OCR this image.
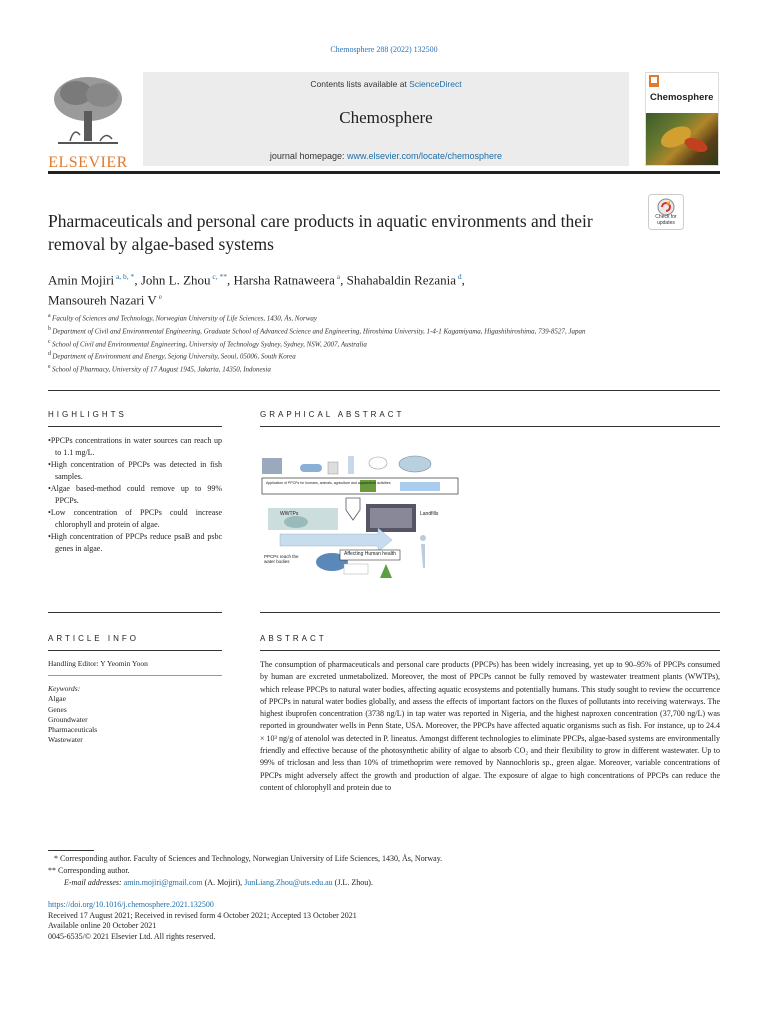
Chemosphere 288 (2022) 132500
ELSEVIER
Contents lists available at ScienceDirect
Chemosphere
journal homepage: www.elsevier.com/locate/chemosphere
Chemosphere
Pharmaceuticals and personal care products in aquatic environments and their removal by algae-based systems
Check for updates
Amin Mojiri $^{a, b, *}$, John L. Zhou $^{c, **}$, Harsha Ratnaweera $^a$, Shahabaldin Rezania $^d$,
Mansoureh Nazari V $^e$
$^a$ Faculty of Sciences and Technology, Norwegian University of Life Sciences, 1430, Ås, Norway
$^b$ Department of Civil and Environmental Engineering, Graduate School of Advanced Science and Engineering, Hiroshima University, 1-4-1 Kagamiyama, Higashihiroshima, 739-8527, Japan
$^c$ School of Civil and Environmental Engineering, University of Technology Sydney, Sydney, NSW, 2007, Australia
$^d$ Department of Environment and Energy, Sejong University, Seoul, 05006, South Korea
$^e$ School of Pharmacy, University of 17 August 1945, Jakarta, 14350, Indonesia
HIGHLIGHTS
• PPCPs concentrations in water sources can reach up to 1.1 mg/L.
• High concentration of PPCPs was detected in fish samples.
• Algae based-method could remove up to 99% PPCPs.
• Low concentration of PPCPs could increase chlorophyll and protein of algae.
• High concentration of PPCPs reduce psaB and psbc genes in algae.
GRAPHICAL ABSTRACT
Application of PPCPs for humans, animals, agriculture and aquaculture activities
WWTPs	Landfills
PPCPs reach the water bodies
Affecting Human health
ARTICLE INFO
Handling Editor: Y Yeomin Yoon
Keywords:
Algae
Genes
Groundwater
Pharmaceuticals
Wastewater
ABSTRACT
The consumption of pharmaceuticals and personal care products (PPCPs) has been widely increasing, yet up to 90–95% of PPCPs consumed by human are excreted unmetabolized. Moreover, the most of PPCPs cannot be fully removed by wastewater treatment plants (WWTPs), which release PPCPs to natural water bodies, affecting aquatic ecosystems and potentially humans. This study sought to review the occurrence of PPCPs in natural water bodies globally, and assess the effects of important factors on the fluxes of pollutants into receiving waterways. The highest ibuprofen concentration (3738 ng/L) in tap water was reported in Nigeria, and the highest naproxen concentration (37,700 ng/L) was reported in groundwater wells in Penn State, USA. Moreover, the PPCPs have affected aquatic organisms such as fish. For instance, up to 24.4 × 10³ ng/g of atenolol was detected in P. lineatus. Amongst different technologies to eliminate PPCPs, algae-based systems are environmentally friendly and effective because of the photosynthetic ability of algae to absorb CO₂ and their flexibility to grow in different wastewater. Up to 99% of triclosan and less than 10% of trimethoprim were removed by Nannochloris sp., green algae. Moreover, variable concentrations of PPCPs might adversely affect the growth and production of algae. The exposure of algae to high concentrations of PPCPs can reduce the content of chlorophyll and protein due to
* Corresponding author. Faculty of Sciences and Technology, Norwegian University of Life Sciences, 1430, Ås, Norway.
** Corresponding author.
E-mail addresses: amin.mojiri@gmail.com (A. Mojiri), JunLiang.Zhou@uts.edu.au (J.L. Zhou).
https://doi.org/10.1016/j.chemosphere.2021.132500
Received 17 August 2021; Received in revised form 4 October 2021; Accepted 13 October 2021
Available online 20 October 2021
0045-6535/© 2021 Elsevier Ltd. All rights reserved.
